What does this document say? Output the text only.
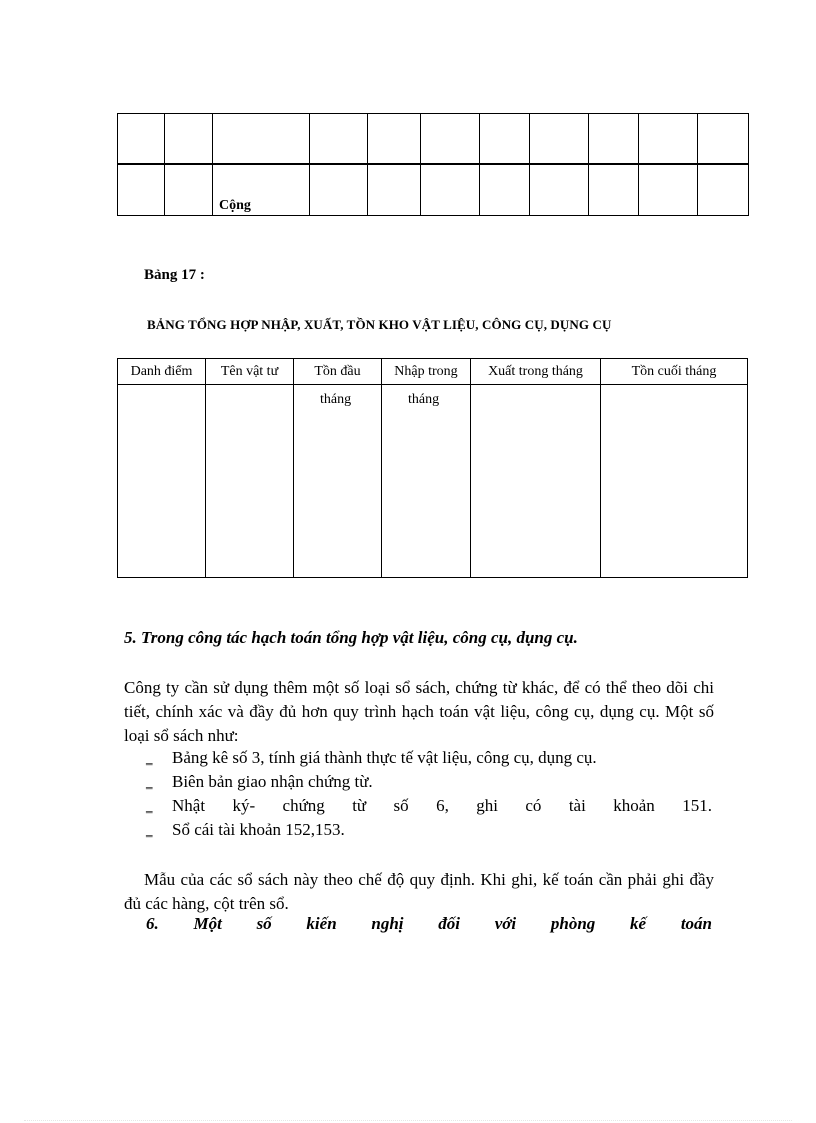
		Cộng								
Bảng 17 :
BẢNG TỔNG HỢP NHẬP, XUẤT, TỒN KHO VẬT LIỆU, CÔNG CỤ, DỤNG CỤ
Danh điểm	Tên vật tư	Tồn đầu	Nhập trong	Xuất trong tháng	Tồn cuối tháng

		tháng	tháng		

5. Trong công tác hạch toán tổng hợp vật liệu, công cụ, dụng cụ.
Công ty cần sử dụng thêm một số loại sổ sách, chứng từ khác, để có thể theo dõi chi tiết, chính xác và đầy đủ hơn quy trình hạch toán vật liệu, công cụ, dụng cụ. Một số loại sổ sách như:
‗ Bảng kê số 3, tính giá thành thực tế vật liệu, công cụ, dụng cụ.
‗ Biên bản giao nhận chứng từ.
‗ Nhật ký- chứng từ số 6, ghi có tài khoản 151.
‗ Sổ cái tài khoản 152,153.
Mẫu của các sổ sách này theo chế độ quy định. Khi ghi, kế toán cần phải ghi đầy đủ các hàng, cột trên sổ.
6. Một số kiến nghị đối với phòng kế toán
